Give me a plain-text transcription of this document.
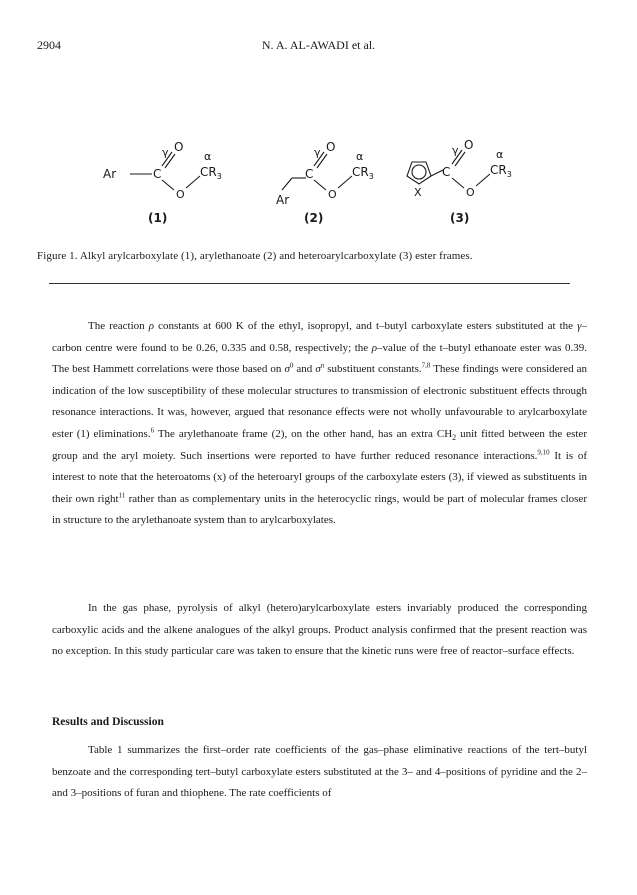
2904	N. A. AL-AWADI et al.
Ar	C
γ O
O
α
$CR_3$
(1)
Ar
C
γ O
O
α
$CR_3$
(2)
X
C
γ O
O
α
$CR_3$
(3)
Figure 1. Alkyl arylcarboxylate (1), arylethanoate (2) and heteroarylcarboxylate (3) ester frames.

The reaction ρ constants at 600 K of the ethyl, isopropyl, and t–butyl carboxylate esters substituted at the γ–carbon centre were found to be 0.26, 0.335 and 0.58, respectively; the ρ–value of the t–butyl ethanoate ester was 0.39. The best Hammett correlations were those based on $\sigma^0$ and $\sigma^n$ substituent constants.$^{7,8}$ These findings were considered an indication of the low susceptibility of these molecular structures to transmission of electronic substituent effects through resonance interactions. It was, however, argued that resonance effects were not wholly unfavourable to arylcarboxylate ester (1) eliminations.$^6$ The arylethanoate frame (2), on the other hand, has an extra $CH_2$ unit fitted between the ester group and the aryl moiety. Such insertions were reported to have further reduced resonance interactions.$^{9,10}$ It is of interest to note that the heteroatoms (x) of the heteroaryl groups of the carboxylate esters (3), if viewed as substituents in their own right$^{11}$ rather than as complementary units in the heterocyclic rings, would be part of molecular frames closer in structure to the arylethanoate system than to arylcarboxylates.

In the gas phase, pyrolysis of alkyl (hetero)arylcarboxylate esters invariably produced the corresponding carboxylic acids and the alkene analogues of the alkyl groups. Product analysis confirmed that the present reaction was no exception. In this study particular care was taken to ensure that the kinetic runs were free of reactor–surface effects.

Results and Discussion

Table 1 summarizes the first–order rate coefficients of the gas–phase eliminative reactions of the tert–butyl benzoate and the corresponding tert–butyl carboxylate esters substituted at the 3– and 4–positions of pyridine and the 2– and 3–positions of furan and thiophene. The rate coefficients of
